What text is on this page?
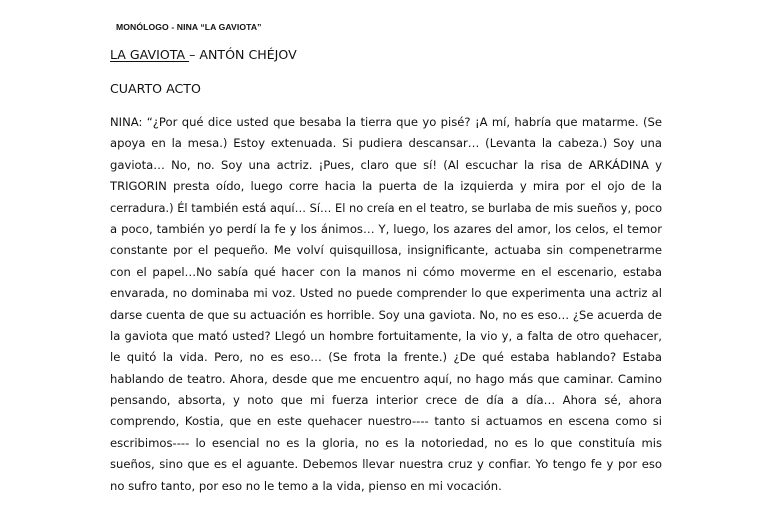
MONÓLOGO - NINA “LA GAVIOTA”
LA GAVIOTA – ANTÓN CHÉJOV
CUARTO ACTO
NINA: “¿Por qué dice usted que besaba la tierra que yo pisé? ¡A mí, habría que matarme. (Se
apoya en la mesa.) Estoy extenuada. Si pudiera descansar… (Levanta la cabeza.) Soy una
gaviota… No, no. Soy una actriz. ¡Pues, claro que sí! (Al escuchar la risa de ARKÁDINA y
TRIGORIN presta oído, luego corre hacia la puerta de la izquierda y mira por el ojo de la
cerradura.) Él también está aquí… Sí… El no creía en el teatro, se burlaba de mis sueños y, poco
a poco, también yo perdí la fe y los ánimos… Y, luego, los azares del amor, los celos, el temor
constante por el pequeño. Me volví quisquillosa, insignificante, actuaba sin compenetrarme
con el papel…No sabía qué hacer con la manos ni cómo moverme en el escenario, estaba
envarada, no dominaba mi voz. Usted no puede comprender lo que experimenta una actriz al
darse cuenta de que su actuación es horrible. Soy una gaviota. No, no es eso… ¿Se acuerda de
la gaviota que mató usted? Llegó un hombre fortuitamente, la vio y, a falta de otro quehacer,
le quitó la vida. Pero, no es eso… (Se frota la frente.) ¿De qué estaba hablando? Estaba
hablando de teatro. Ahora, desde que me encuentro aquí, no hago más que caminar. Camino
pensando, absorta, y noto que mi fuerza interior crece de día a día… Ahora sé, ahora
comprendo, Kostia, que en este quehacer nuestro---- tanto si actuamos en escena como si
escribimos---- lo esencial no es la gloria, no es la notoriedad, no es lo que constituía mis
sueños, sino que es el aguante. Debemos llevar nuestra cruz y confiar. Yo tengo fe y por eso
no sufro tanto, por eso no le temo a la vida, pienso en mi vocación.
